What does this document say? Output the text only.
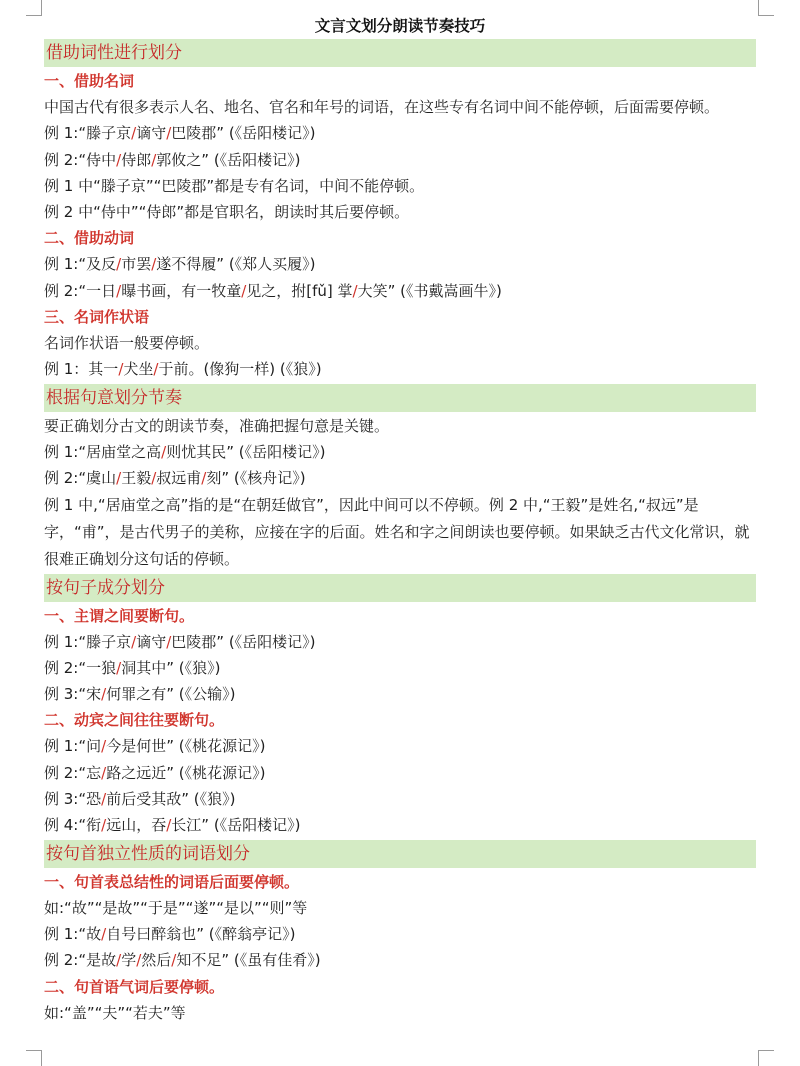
文言文划分朗读节奏技巧
借助词性进行划分
一、借助名词
中国古代有很多表示人名、地名、官名和年号的词语，在这些专有名词中间不能停顿，后面需要停顿。
例 1:“滕子京/谪守/巴陵郡” (《岳阳楼记》)
例 2:“侍中/侍郎/郭攸之” (《岳阳楼记》)
例 1 中“滕子京”“巴陵郡”都是专有名词，中间不能停顿。
例 2 中“侍中”“侍郎”都是官职名，朗读时其后要停顿。
二、借助动词
例 1:“及反/市罢/遂不得履” (《郑人买履》)
例 2:“一日/曝书画，有一牧童/见之，拊[fǔ] 掌/大笑” (《书戴嵩画牛》)
三、名词作状语
名词作状语一般要停顿。
例 1：其一/犬坐/于前。(像狗一样) (《狼》)
根据句意划分节奏
要正确划分古文的朗读节奏，准确把握句意是关键。
例 1:“居庙堂之高/则忧其民” (《岳阳楼记》)
例 2:“虞山/王毅/叔远甫/刻” (《核舟记》)
例 1 中,“居庙堂之高”指的是“在朝廷做官”，因此中间可以不停顿。例 2 中,“王毅”是姓名,“叔远”是字，“甫”，是古代男子的美称，应接在字的后面。姓名和字之间朗读也要停顿。如果缺乏古代文化常识，就很难正确划分这句话的停顿。
按句子成分划分
一、主谓之间要断句。
例 1:“滕子京/谪守/巴陵郡” (《岳阳楼记》)
例 2:“一狼/洞其中” (《狼》)
例 3:“宋/何罪之有” (《公输》)
二、动宾之间往往要断句。
例 1:“问/今是何世” (《桃花源记》)
例 2:“忘/路之远近” (《桃花源记》)
例 3:“恐/前后受其敌” (《狼》)
例 4:“衔/远山，吞/长江” (《岳阳楼记》)
按句首独立性质的词语划分
一、句首表总结性的词语后面要停顿。
如:“故”“是故”“于是”“遂”“是以”“则”等
例 1:“故/自号曰醉翁也” (《醉翁亭记》)
例 2:“是故/学/然后/知不足” (《虽有佳肴》)
二、句首语气词后要停顿。
如:“盖”“夫”“若夫”等
